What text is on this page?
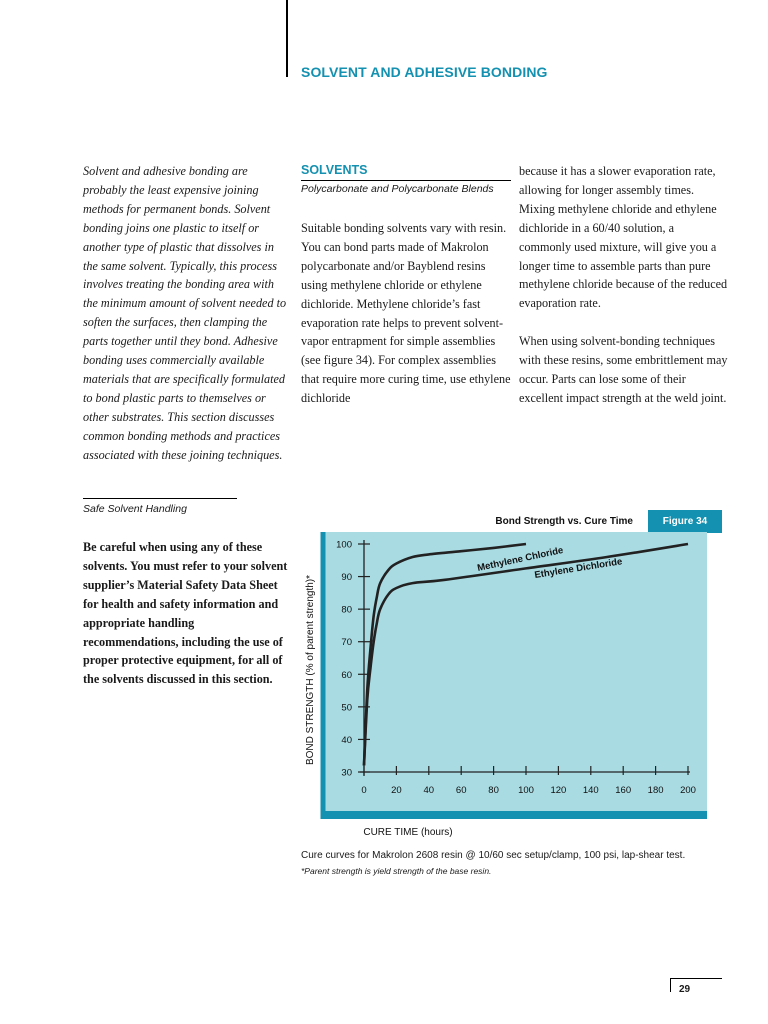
SOLVENT AND ADHESIVE BONDING
Solvent and adhesive bonding are probably the least expensive joining methods for permanent bonds. Solvent bonding joins one plastic to itself or another type of plastic that dissolves in the same solvent. Typically, this process involves treating the bonding area with the minimum amount of solvent needed to soften the surfaces, then clamping the parts together until they bond. Adhesive bonding uses commercially available materials that are specifically formulated to bond plastic parts to themselves or other substrates. This section discusses common bonding methods and practices associated with these joining techniques.
SOLVENTS
Polycarbonate and Polycarbonate Blends
Suitable bonding solvents vary with resin. You can bond parts made of Makrolon polycarbonate and/or Bayblend resins using methylene chloride or ethylene dichloride. Methylene chloride’s fast evaporation rate helps to prevent solvent-vapor entrapment for simple assemblies (see figure 34). For complex assemblies that require more curing time, use ethylene dichloride
because it has a slower evaporation rate, allowing for longer assembly times. Mixing methylene chloride and ethylene dichloride in a 60/40 solution, a commonly used mixture, will give you a longer time to assemble parts than pure methylene chloride because of the reduced evaporation rate.
When using solvent-bonding techniques with these resins, some embrittlement may occur. Parts can lose some of their excellent impact strength at the weld joint.
Safe Solvent Handling
Be careful when using any of these solvents. You must refer to your solvent supplier’s Material Safety Data Sheet for health and safety information and appropriate handling recommendations, including the use of proper protective equipment, for all of the solvents discussed in this section.
Figure 34
Bond Strength vs. Cure Time
30
40
50
60
70
80
90
100
0	20 40 60 80 100 120 140 160 180 200
BOND STRENGTH (% of parent strength)*
CURE TIME (hours)
Methylene Chloride
Ethylene Dichloride
Cure curves for Makrolon 2608 resin @ 10/60 sec setup/clamp, 100 psi, lap-shear test.
*Parent strength is yield strength of the base resin.
29
